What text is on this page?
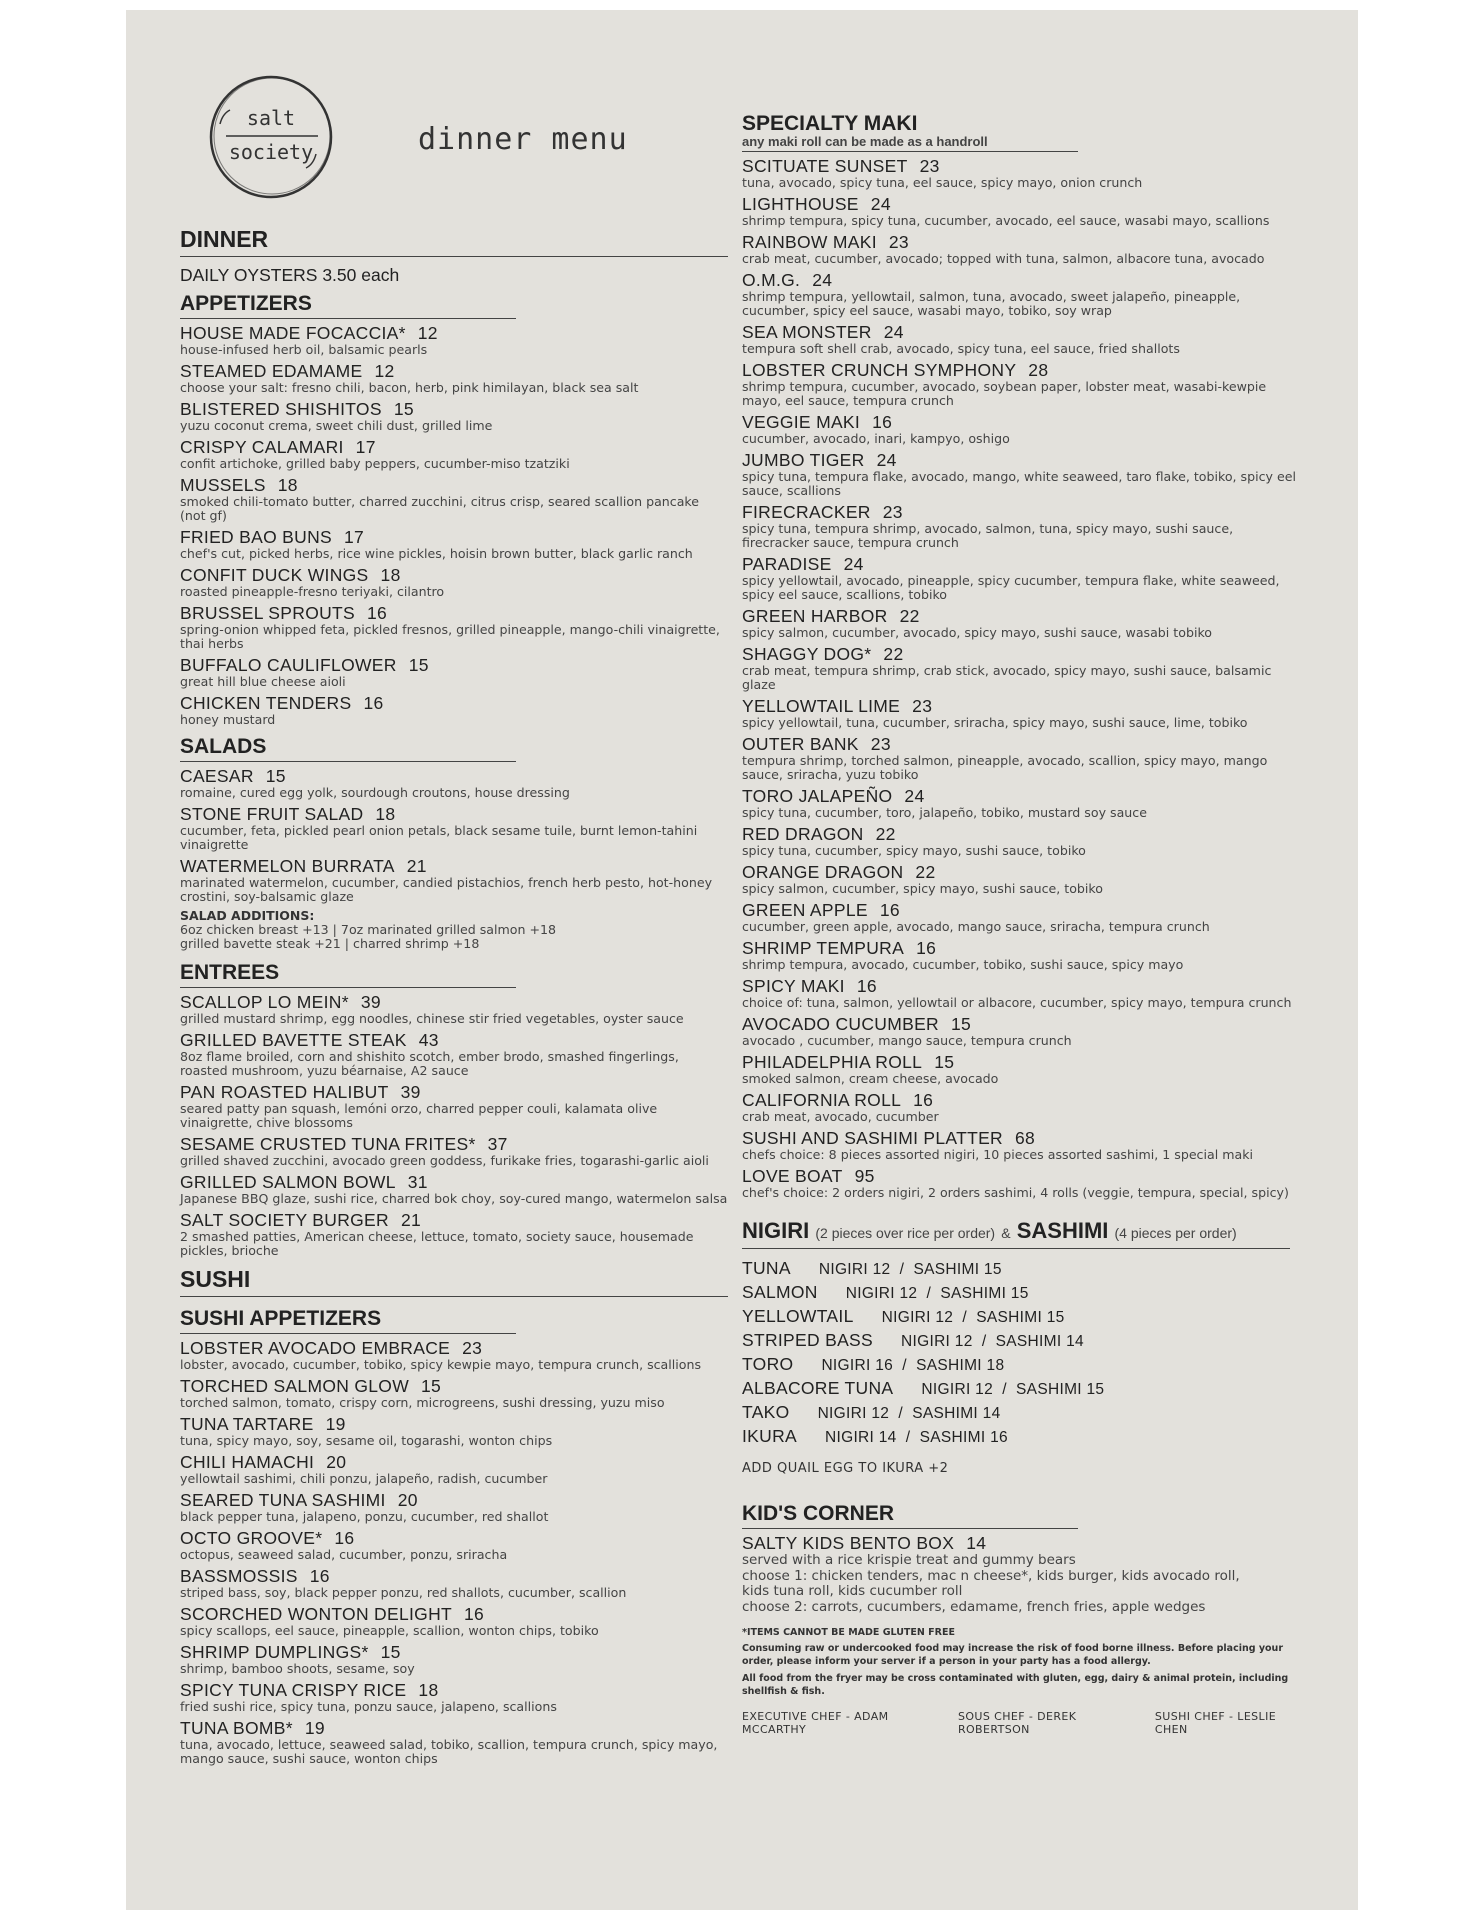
salt
society	dinner menu
DINNER
DAILY OYSTERS 3.50 each
APPETIZERS
HOUSE MADE FOCACCIA* 12
house-infused herb oil, balsamic pearls
STEAMED EDAMAME 12
choose your salt: fresno chili, bacon, herb, pink himilayan, black sea salt
BLISTERED SHISHITOS 15
yuzu coconut crema, sweet chili dust, grilled lime
CRISPY CALAMARI 17
confit artichoke, grilled baby peppers, cucumber-miso tzatziki
MUSSELS 18
smoked chili-tomato butter, charred zucchini, citrus crisp, seared scallion pancake (not gf)
FRIED BAO BUNS 17
chef's cut, picked herbs, rice wine pickles, hoisin brown butter, black garlic ranch
CONFIT DUCK WINGS 18
roasted pineapple-fresno teriyaki, cilantro
BRUSSEL SPROUTS 16
spring-onion whipped feta, pickled fresnos, grilled pineapple, mango-chili vinaigrette, thai herbs
BUFFALO CAULIFLOWER 15
great hill blue cheese aioli
CHICKEN TENDERS 16
honey mustard
SALADS
CAESAR 15
romaine, cured egg yolk, sourdough croutons, house dressing
STONE FRUIT SALAD 18
cucumber, feta, pickled pearl onion petals, black sesame tuile, burnt lemon-tahini vinaigrette
WATERMELON BURRATA 21
marinated watermelon, cucumber, candied pistachios, french herb pesto, hot-honey crostini, soy-balsamic glaze
SALAD ADDITIONS:
6oz chicken breast +13 | 7oz marinated grilled salmon +18
grilled bavette steak +21 | charred shrimp +18
ENTREES
SCALLOP LO MEIN* 39
grilled mustard shrimp, egg noodles, chinese stir fried vegetables, oyster sauce
GRILLED BAVETTE STEAK 43
8oz flame broiled, corn and shishito scotch, ember brodo, smashed fingerlings, roasted mushroom, yuzu béarnaise, A2 sauce
PAN ROASTED HALIBUT 39
seared patty pan squash, lemóni orzo, charred pepper couli, kalamata olive vinaigrette, chive blossoms
SESAME CRUSTED TUNA FRITES* 37
grilled shaved zucchini, avocado green goddess, furikake fries, togarashi-garlic aioli
GRILLED SALMON BOWL 31
Japanese BBQ glaze, sushi rice, charred bok choy, soy-cured mango, watermelon salsa
SALT SOCIETY BURGER 21
2 smashed patties, American cheese, lettuce, tomato, society sauce, housemade pickles, brioche
SUSHI
SUSHI APPETIZERS
LOBSTER AVOCADO EMBRACE 23
lobster, avocado, cucumber, tobiko, spicy kewpie mayo, tempura crunch, scallions
TORCHED SALMON GLOW 15
torched salmon, tomato, crispy corn, microgreens, sushi dressing, yuzu miso
TUNA TARTARE 19
tuna, spicy mayo, soy, sesame oil, togarashi, wonton chips
CHILI HAMACHI 20
yellowtail sashimi, chili ponzu, jalapeño, radish, cucumber
SEARED TUNA SASHIMI 20
black pepper tuna, jalapeno, ponzu, cucumber, red shallot
OCTO GROOVE* 16
octopus, seaweed salad, cucumber, ponzu, sriracha
BASSMOSSIS 16
striped bass, soy, black pepper ponzu, red shallots, cucumber, scallion
SCORCHED WONTON DELIGHT 16
spicy scallops, eel sauce, pineapple, scallion, wonton chips, tobiko
SHRIMP DUMPLINGS* 15
shrimp, bamboo shoots, sesame, soy
SPICY TUNA CRISPY RICE 18
fried sushi rice, spicy tuna, ponzu sauce, jalapeno, scallions
TUNA BOMB* 19
tuna, avocado, lettuce, seaweed salad, tobiko, scallion, tempura crunch, spicy mayo, mango sauce, sushi sauce, wonton chips
SPECIALTY MAKI
any maki roll can be made as a handroll
SCITUATE SUNSET 23
tuna, avocado, spicy tuna, eel sauce, spicy mayo, onion crunch
LIGHTHOUSE 24
shrimp tempura, spicy tuna, cucumber, avocado, eel sauce, wasabi mayo, scallions
RAINBOW MAKI 23
crab meat, cucumber, avocado; topped with tuna, salmon, albacore tuna, avocado
O.M.G. 24
shrimp tempura, yellowtail, salmon, tuna, avocado, sweet jalapeño, pineapple, cucumber, spicy eel sauce, wasabi mayo, tobiko, soy wrap
SEA MONSTER 24
tempura soft shell crab, avocado, spicy tuna, eel sauce, fried shallots
LOBSTER CRUNCH SYMPHONY 28
shrimp tempura, cucumber, avocado, soybean paper, lobster meat, wasabi-kewpie mayo, eel sauce, tempura crunch
VEGGIE MAKI 16
cucumber, avocado, inari, kampyo, oshigo
JUMBO TIGER 24
spicy tuna, tempura flake, avocado, mango, white seaweed, taro flake, tobiko, spicy eel sauce, scallions
FIRECRACKER 23
spicy tuna, tempura shrimp, avocado, salmon, tuna, spicy mayo, sushi sauce, firecracker sauce, tempura crunch
PARADISE 24
spicy yellowtail, avocado, pineapple, spicy cucumber, tempura flake, white seaweed, spicy eel sauce, scallions, tobiko
GREEN HARBOR 22
spicy salmon, cucumber, avocado, spicy mayo, sushi sauce, wasabi tobiko
SHAGGY DOG* 22
crab meat, tempura shrimp, crab stick, avocado, spicy mayo, sushi sauce, balsamic glaze
YELLOWTAIL LIME 23
spicy yellowtail, tuna, cucumber, sriracha, spicy mayo, sushi sauce, lime, tobiko
OUTER BANK 23
tempura shrimp, torched salmon, pineapple, avocado, scallion, spicy mayo, mango sauce, sriracha, yuzu tobiko
TORO JALAPEÑO 24
spicy tuna, cucumber, toro, jalapeño, tobiko, mustard soy sauce
RED DRAGON 22
spicy tuna, cucumber, spicy mayo, sushi sauce, tobiko
ORANGE DRAGON 22
spicy salmon, cucumber, spicy mayo, sushi sauce, tobiko
GREEN APPLE 16
cucumber, green apple, avocado, mango sauce, sriracha, tempura crunch
SHRIMP TEMPURA 16
shrimp tempura, avocado, cucumber, tobiko, sushi sauce, spicy mayo
SPICY MAKI 16
choice of: tuna, salmon, yellowtail or albacore, cucumber, spicy mayo, tempura crunch
AVOCADO CUCUMBER 15
avocado , cucumber, mango sauce, tempura crunch
PHILADELPHIA ROLL 15
smoked salmon, cream cheese, avocado
CALIFORNIA ROLL 16
crab meat, avocado, cucumber
SUSHI AND SASHIMI PLATTER 68
chefs choice: 8 pieces assorted nigiri, 10 pieces assorted sashimi, 1 special maki
LOVE BOAT 95
chef's choice: 2 orders nigiri, 2 orders sashimi, 4 rolls (veggie, tempura, special, spicy)
NIGIRI (2 pieces over rice per order) & SASHIMI (4 pieces per order)
TUNA NIGIRI 12  /  SASHIMI 15
SALMON NIGIRI 12  /  SASHIMI 15
YELLOWTAIL NIGIRI 12  /  SASHIMI 15
STRIPED BASS NIGIRI 12  /  SASHIMI 14
TORO NIGIRI 16  /  SASHIMI 18
ALBACORE TUNA NIGIRI 12  /  SASHIMI 15
TAKO NIGIRI 12  /  SASHIMI 14
IKURA NIGIRI 14  /  SASHIMI 16
ADD QUAIL EGG TO IKURA +2
KID'S CORNER
SALTY KIDS BENTO BOX 14
served with a rice krispie treat and gummy bears
choose 1: chicken tenders, mac n cheese*, kids burger, kids avocado roll,
kids tuna roll, kids cucumber roll
choose 2: carrots, cucumbers, edamame, french fries, apple wedges
*ITEMS CANNOT BE MADE GLUTEN FREE
Consuming raw or undercooked food may increase the risk of food borne illness. Before placing your order, please inform your server if a person in your party has a food allergy.
All food from the fryer may be cross contaminated with gluten, egg, dairy & animal protein, including shellfish & fish.
EXECUTIVE CHEF - ADAM MCCARTHY
SOUS CHEF - DEREK ROBERTSON
SUSHI CHEF - LESLIE CHEN
